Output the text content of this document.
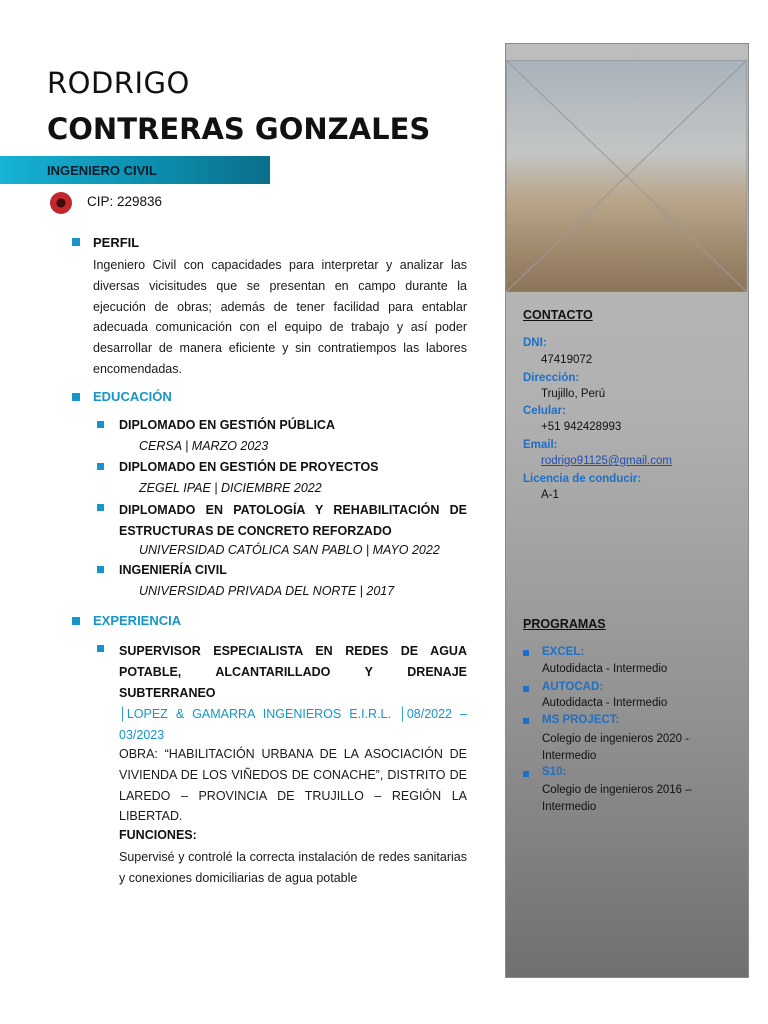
CONTACTO
DNI:
47419072
Dirección:
Trujillo, Perú
Celular:
+51 942428993
Email:
rodrigo91125@gmail.com
Licencia de conducir:
A-1
PROGRAMAS
EXCEL:
Autodidacta - Intermedio
AUTOCAD:
Autodidacta - Intermedio
MS PROJECT:
Colegio de ingenieros 2020 - Intermedio
S10:
Colegio de ingenieros 2016 – Intermedio
RODRIGO
CONTRERAS GONZALES
INGENIERO CIVIL
CIP: 229836
PERFIL
Ingeniero Civil con capacidades para interpretar y analizar las diversas vicisitudes que se presentan en campo durante la ejecución de obras; además de tener facilidad para entablar adecuada comunicación con el equipo de trabajo y así poder desarrollar de manera eficiente y sin contratiempos las labores encomendadas.
EDUCACIÓN
DIPLOMADO EN GESTIÓN PÚBLICA
CERSA | MARZO 2023
DIPLOMADO EN GESTIÓN DE PROYECTOS
ZEGEL IPAE | DICIEMBRE 2022
DIPLOMADO EN PATOLOGÍA Y REHABILITACIÓN DE ESTRUCTURAS DE CONCRETO REFORZADO
UNIVERSIDAD CATÓLICA SAN PABLO | MAYO 2022
INGENIERÍA CIVIL
UNIVERSIDAD PRIVADA DEL NORTE | 2017
EXPERIENCIA
SUPERVISOR ESPECIALISTA EN REDES DE AGUA POTABLE, ALCANTARILLADO Y DRENAJE SUBTERRANEO
│LOPEZ & GAMARRA INGENIEROS E.I.R.L. │08/2022 – 03/2023
OBRA: “HABILITACIÓN URBANA DE LA ASOCIACIÓN DE VIVIENDA DE LOS VIÑEDOS DE CONACHE”, DISTRITO DE LAREDO – PROVINCIA DE TRUJILLO – REGIÓN LA LIBERTAD.
FUNCIONES:
Supervisé y controlé la correcta instalación de redes sanitarias y conexiones domiciliarias de agua potable
